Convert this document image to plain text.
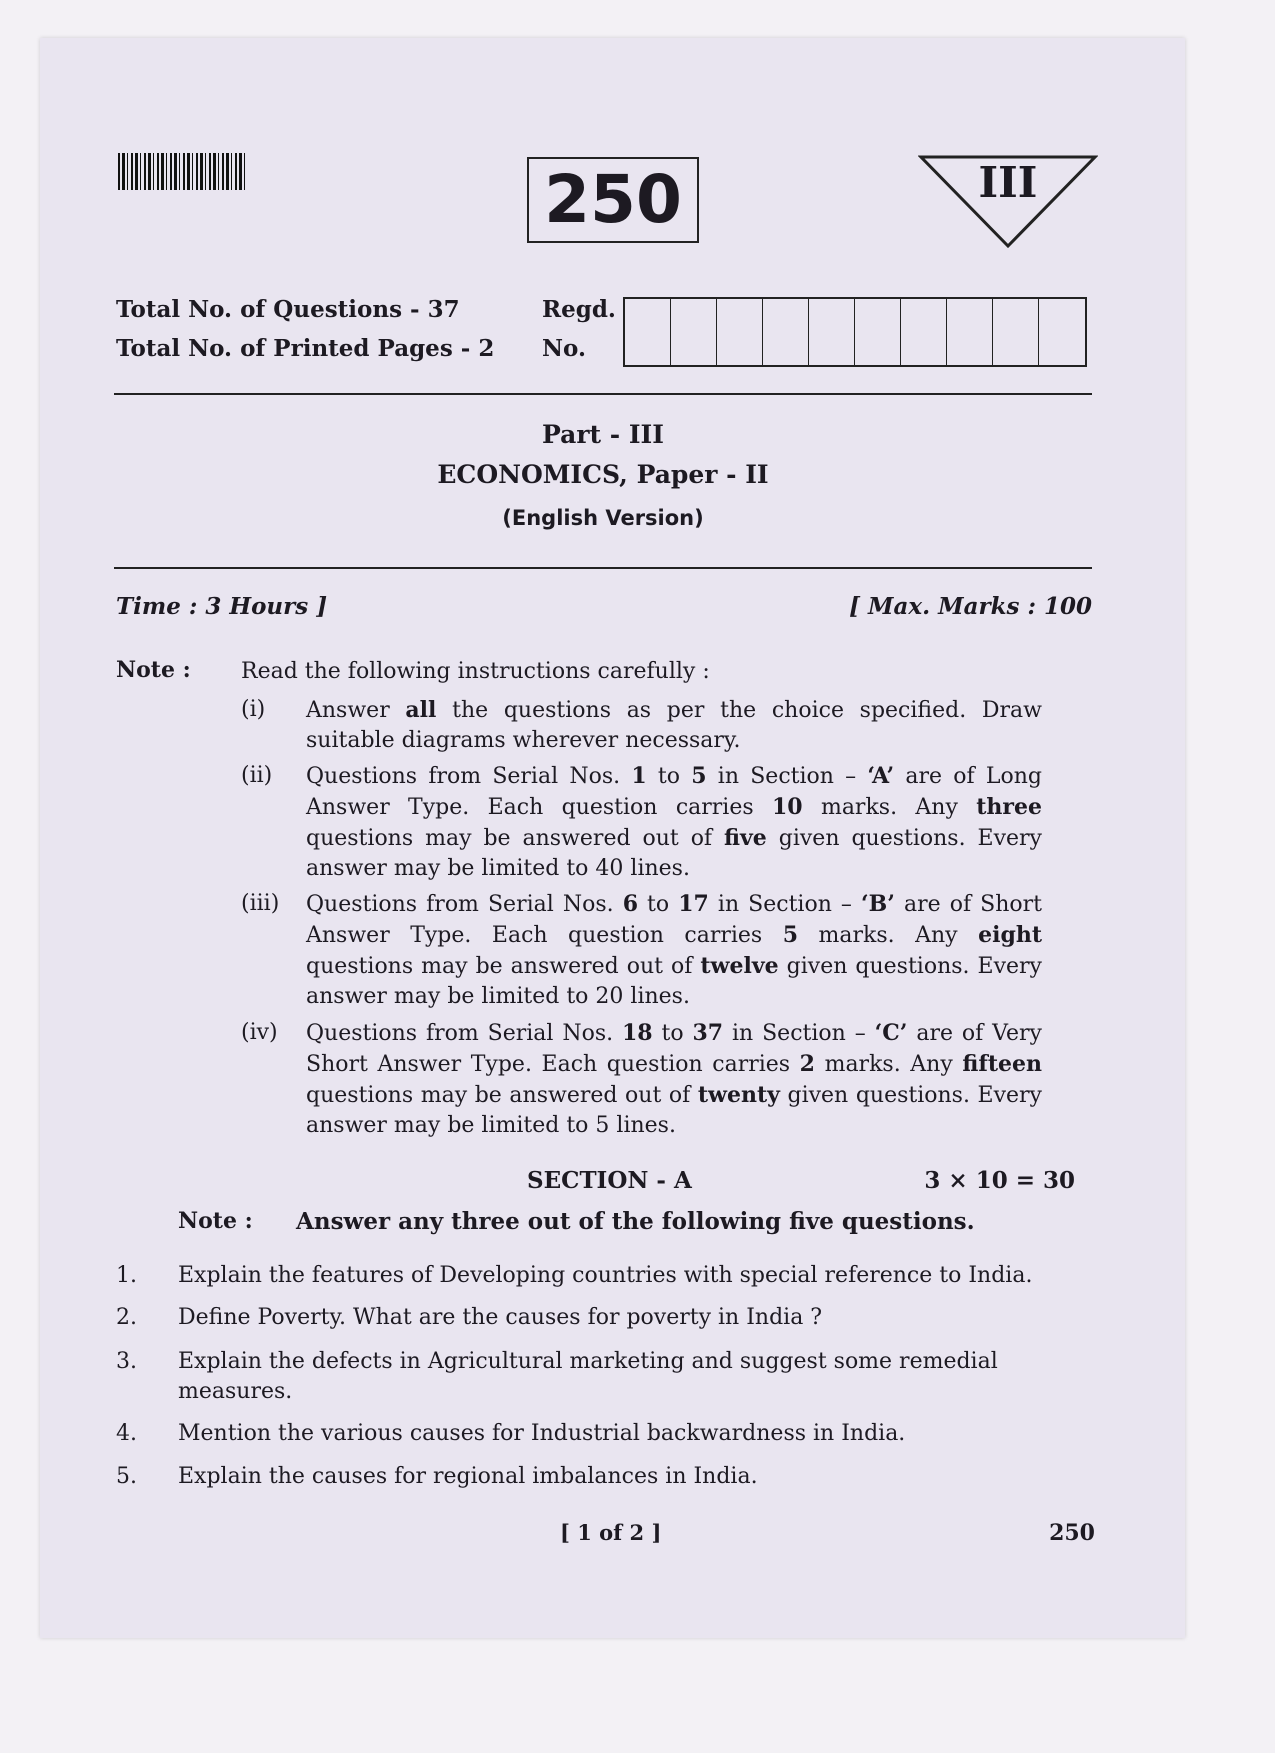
250	III
Total No. of Questions - 37
Total No. of Printed Pages - 2
Regd.
No.
Part - III
ECONOMICS, Paper - II
(English Version)
Time : 3 Hours ]	[ Max. Marks : 100
Note : Read the following instructions carefully :
(i) Answer all the questions as per the choice specified. Draw suitable diagrams wherever necessary.
(ii) Questions from Serial Nos. 1 to 5 in Section – ‘A’ are of Long Answer Type. Each question carries 10 marks. Any three questions may be answered out of five given questions. Every answer may be limited to 40 lines.
(iii) Questions from Serial Nos. 6 to 17 in Section – ‘B’ are of Short Answer Type. Each question carries 5 marks. Any eight questions may be answered out of twelve given questions. Every answer may be limited to 20 lines.
(iv) Questions from Serial Nos. 18 to 37 in Section – ‘C’ are of Very Short Answer Type. Each question carries 2 marks. Any fifteen questions may be answered out of twenty given questions. Every answer may be limited to 5 lines.
SECTION - A	3 × 10 = 30
Note : Answer any three out of the following five questions.
1. Explain the features of Developing countries with special reference to India.
2. Define Poverty. What are the causes for poverty in India ?
3. Explain the defects in Agricultural marketing and suggest some remedial measures.
4. Mention the various causes for Industrial backwardness in India.
5. Explain the causes for regional imbalances in India.
[ 1 of 2 ]	250
